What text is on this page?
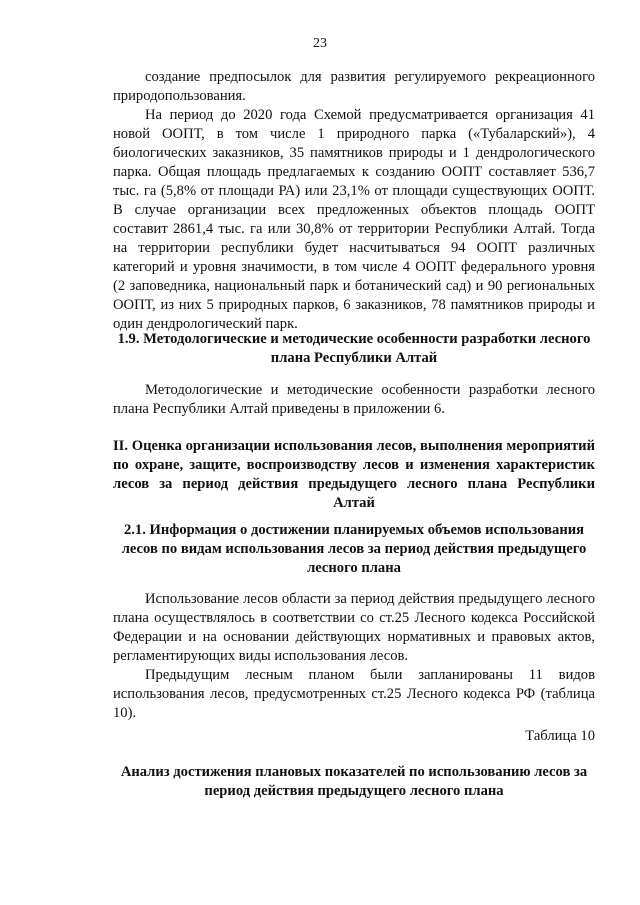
23

создание предпосылок для развития регулируемого рекреационного природопользования.

На период до 2020 года Схемой предусматривается организация 41 новой ООПТ, в том числе 1 природного парка («Тубаларский»), 4 биологических заказников, 35 памятников природы и 1 дендрологического парка. Общая площадь предлагаемых к созданию ООПТ составляет 536,7 тыс. га (5,8% от площади РА) или 23,1% от площади существующих ООПТ. В случае организации всех предложенных объектов площадь ООПТ составит 2861,4 тыс. га или 30,8% от территории Республики Алтай. Тогда на территории республики будет насчитываться 94 ООПТ различных категорий и уровня значимости, в том числе 4 ООПТ федерального уровня (2 заповедника, национальный парк и ботанический сад) и 90 региональных ООПТ, из них 5 природных парков, 6 заказников, 78 памятников природы и один дендрологический парк.

1.9. Методологические и методические особенности разработки лесного плана Республики Алтай

Методологические и методические особенности разработки лесного плана Республики Алтай приведены в приложении 6.

II. Оценка организации использования лесов, выполнения мероприятий по охране, защите, воспроизводству лесов и изменения характеристик лесов за период действия предыдущего лесного плана Республики Алтай

2.1. Информация о достижении планируемых объемов использования лесов по видам использования лесов за период действия предыдущего лесного плана

Использование лесов области за период действия предыдущего лесного плана осуществлялось в соответствии со ст.25 Лесного кодекса Российской Федерации и на основании действующих нормативных и правовых актов, регламентирующих виды использования лесов.

Предыдущим лесным планом были запланированы 11 видов использования лесов, предусмотренных ст.25 Лесного кодекса РФ (таблица 10).

Таблица 10

Анализ достижения плановых показателей по использованию лесов за период действия предыдущего лесного плана
